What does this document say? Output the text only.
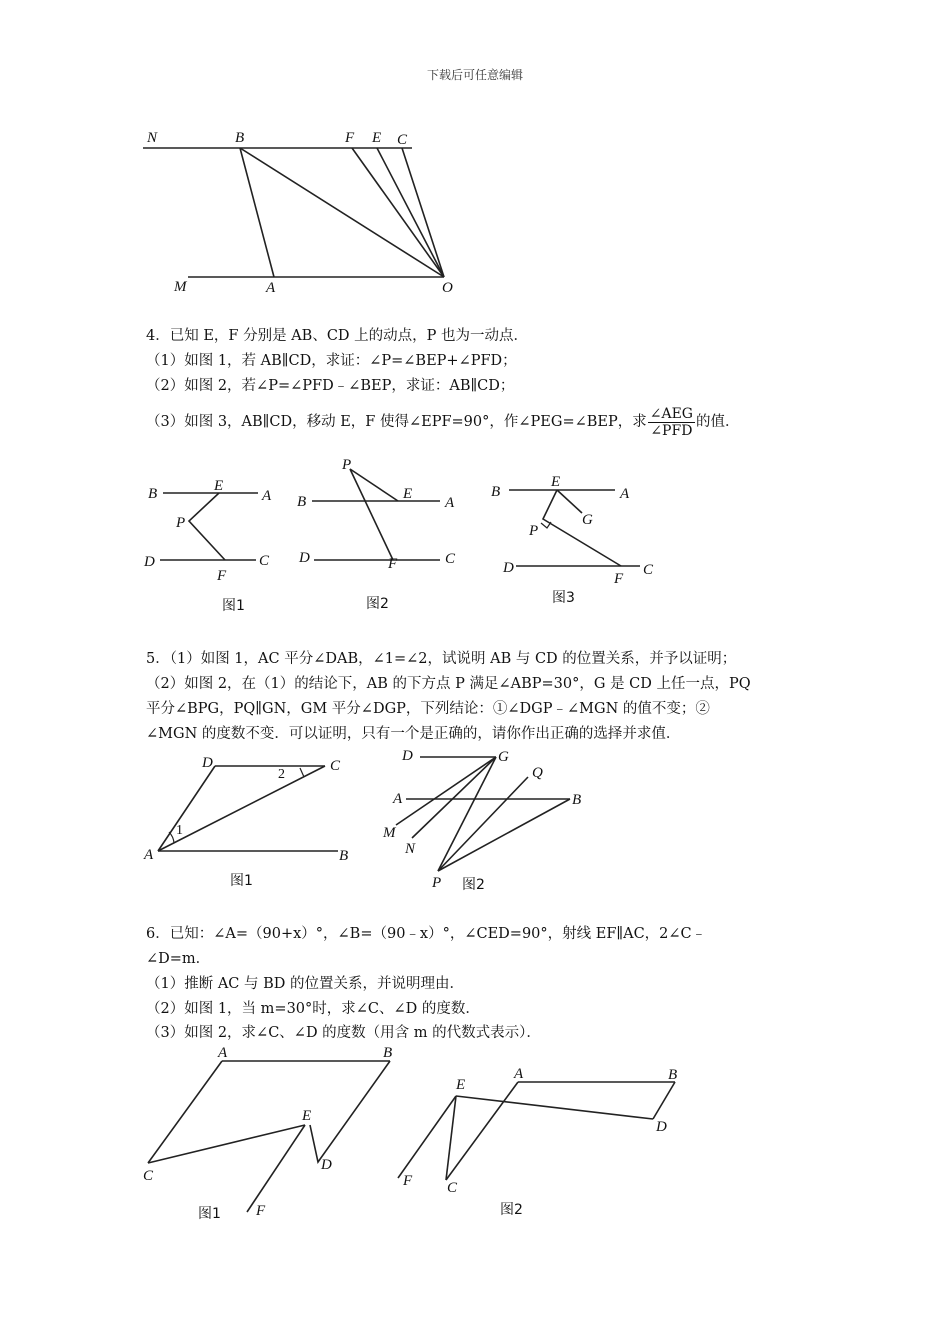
下载后可任意编辑
N	B	F E C
M	A	O
4．已知 E，F 分别是 AB、CD 上的动点，P 也为一动点．
（1）如图 1，若 AB∥CD，求证：∠P=∠BEP+∠PFD；
（2）如图 2，若∠P=∠PFD﹣∠BEP，求证：AB∥CD；
（3）如图 3，AB∥CD，移动 E，F 使得∠EPF=90°，作∠PEG=∠BEP，求 $\frac{\text{∠AEG}}{\text{∠PFD}}$ 的值．
B	E
A
P
D
F
C
图1
P
B	E
A
D	F	C
图2
B
E
A
G
P
D
F
C
图3
5．（1）如图 1，AC 平分∠DAB，∠1=∠2，试说明 AB 与 CD 的位置关系，并予以证明；
（2）如图 2，在（1）的结论下，AB 的下方点 P 满足∠ABP=30°，G 是 CD 上任一点，PQ
平分∠BPG，PQ∥GN，GM 平分∠DGP，下列结论：①∠DGP﹣∠MGN 的值不变；②
∠MGN 的度数不变．可以证明，只有一个是正确的，请你作出正确的选择并求值．
D	C
2
1
A	B
图1
D	G
Q
A	B
M
N
P 图2
6．已知：∠A=（90+x）°，∠B=（90﹣x）°，∠CED=90°，射线 EF∥AC，2∠C﹣
∠D=m．
（1）推断 AC 与 BD 的位置关系，并说明理由．
（2）如图 1，当 m=30°时，求∠C、∠D 的度数．
（3）如图 2，求∠C、∠D 的度数（用含 m 的代数式表示）．
A	B
E
D
C
图1 F
E
A	B
D
F C
图2
